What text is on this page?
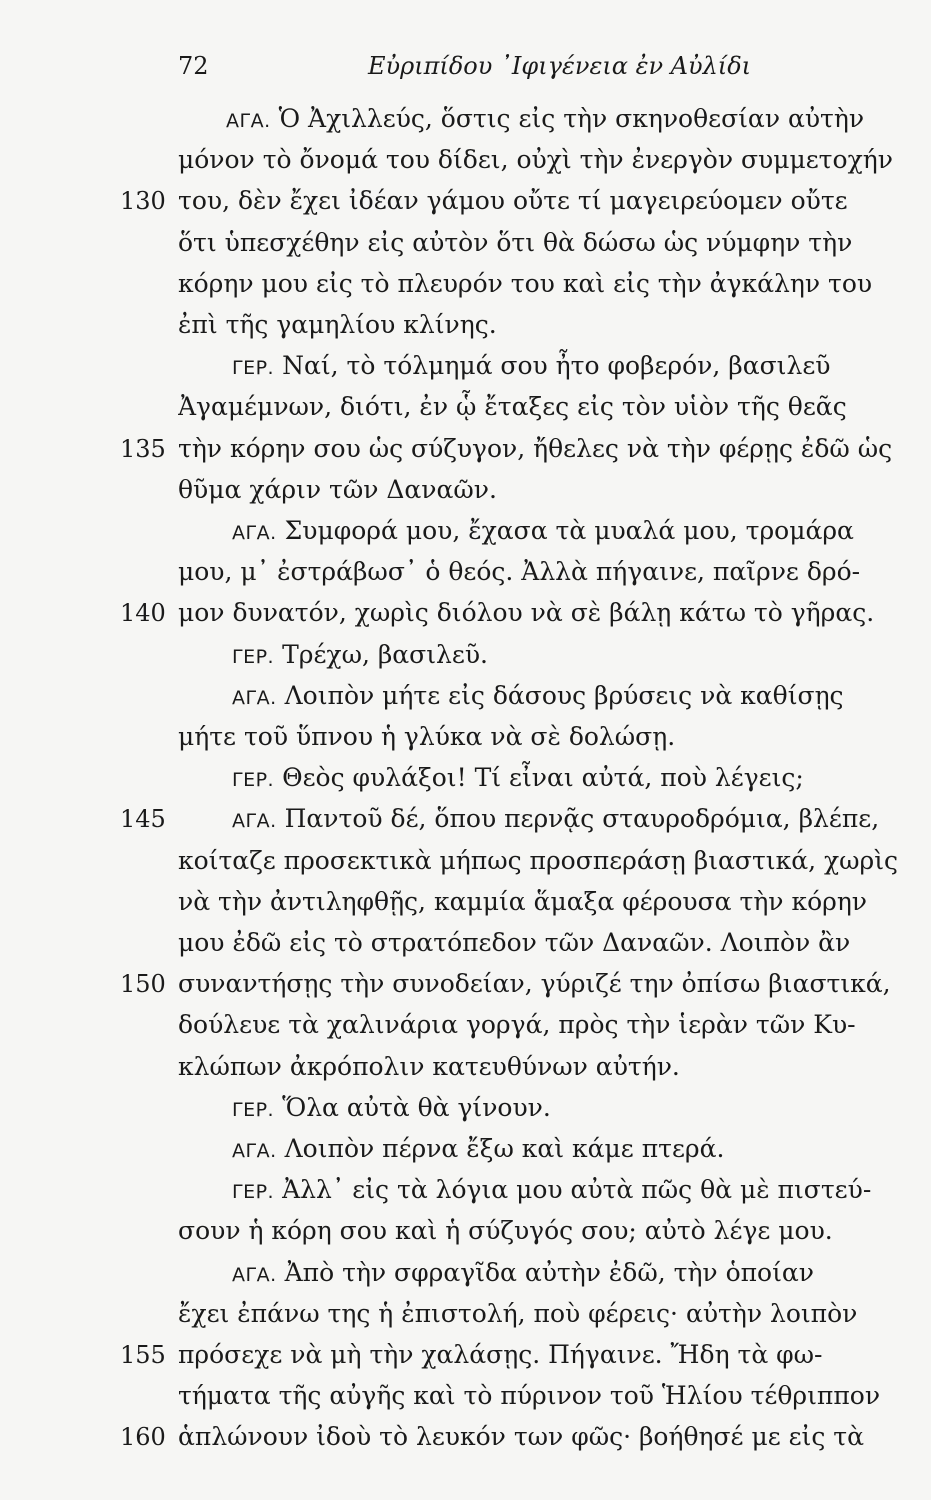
72	Εὐριπίδου ᾿Ιφιγένεια ἐν Αὐλίδι
ΑΓΑ. Ὁ Ἀχιλλεύς, ὅστις εἰς τὴν σκηνοθεσίαν αὐτὴν
μόνον τὸ ὄνομά του δίδει, οὐχὶ τὴν ἐνεργὸν συμμετοχήν
130 του, δὲν ἔχει ἰδέαν γάμου οὔτε τί μαγειρεύομεν οὔτε
ὅτι ὑπεσχέθην εἰς αὐτὸν ὅτι θὰ δώσω ὡς νύμφην τὴν
κόρην μου εἰς τὸ πλευρόν του καὶ εἰς τὴν ἀγκάλην του
ἐπὶ τῆς γαμηλίου κλίνης.
ΓΕΡ. Ναί, τὸ τόλμημά σου ἦτο φοβερόν, βασιλεῦ
Ἀγαμέμνων, διότι, ἐν ᾧ ἔταξες εἰς τὸν υἱὸν τῆς θεᾶς
135 τὴν κόρην σου ὡς σύζυγον, ἤθελες νὰ τὴν φέρῃς ἐδῶ ὡς
θῦμα χάριν τῶν Δαναῶν.
ΑΓΑ. Συμφορά μου, ἔχασα τὰ μυαλά μου, τρομάρα
μου, μ᾿ ἐστράβωσ᾿ ὁ θεός. Ἀλλὰ πήγαινε, παῖρνε δρό-
140 μον δυνατόν, χωρὶς διόλου νὰ σὲ βάλῃ κάτω τὸ γῆρας.
ΓΕΡ. Τρέχω, βασιλεῦ.
ΑΓΑ. Λοιπὸν μήτε εἰς δάσους βρύσεις νὰ καθίσῃς
μήτε τοῦ ὕπνου ἡ γλύκα νὰ σὲ δολώσῃ.
ΓΕΡ. Θεὸς φυλάξοι! Τί εἶναι αὐτά, ποὺ λέγεις;
145	ΑΓΑ. Παντοῦ δέ, ὅπου περνᾷς σταυροδρόμια, βλέπε,
κοίταζε προσεκτικὰ μήπως προσπεράσῃ βιαστικά, χωρὶς
νὰ τὴν ἀντιληφθῇς, καμμία ἅμαξα φέρουσα τὴν κόρην
μου ἐδῶ εἰς τὸ στρατόπεδον τῶν Δαναῶν. Λοιπὸν ἂν
150 συναντήσῃς τὴν συνοδείαν, γύριζέ την ὀπίσω βιαστικά,
δούλευε τὰ χαλινάρια γοργά, πρὸς τὴν ἱερὰν τῶν Κυ-
κλώπων ἀκρόπολιν κατευθύνων αὐτήν.
ΓΕΡ. Ὅλα αὐτὰ θὰ γίνουν.
ΑΓΑ. Λοιπὸν πέρνα ἔξω καὶ κάμε πτερά.
ΓΕΡ. Ἀλλ᾿ εἰς τὰ λόγια μου αὐτὰ πῶς θὰ μὲ πιστεύ-
σουν ἡ κόρη σου καὶ ἡ σύζυγός σου; αὐτὸ λέγε μου.
ΑΓΑ. Ἀπὸ τὴν σφραγῖδα αὐτὴν ἐδῶ, τὴν ὁποίαν
ἔχει ἐπάνω της ἡ ἐπιστολή, ποὺ φέρεις· αὐτὴν λοιπὸν
155 πρόσεχε νὰ μὴ τὴν χαλάσῃς. Πήγαινε. Ἤδη τὰ φω-
τήματα τῆς αὐγῆς καὶ τὸ πύρινον τοῦ Ἡλίου τέθριππον
160 ἁπλώνουν ἰδοὺ τὸ λευκόν των φῶς· βοήθησέ με εἰς τὰ
